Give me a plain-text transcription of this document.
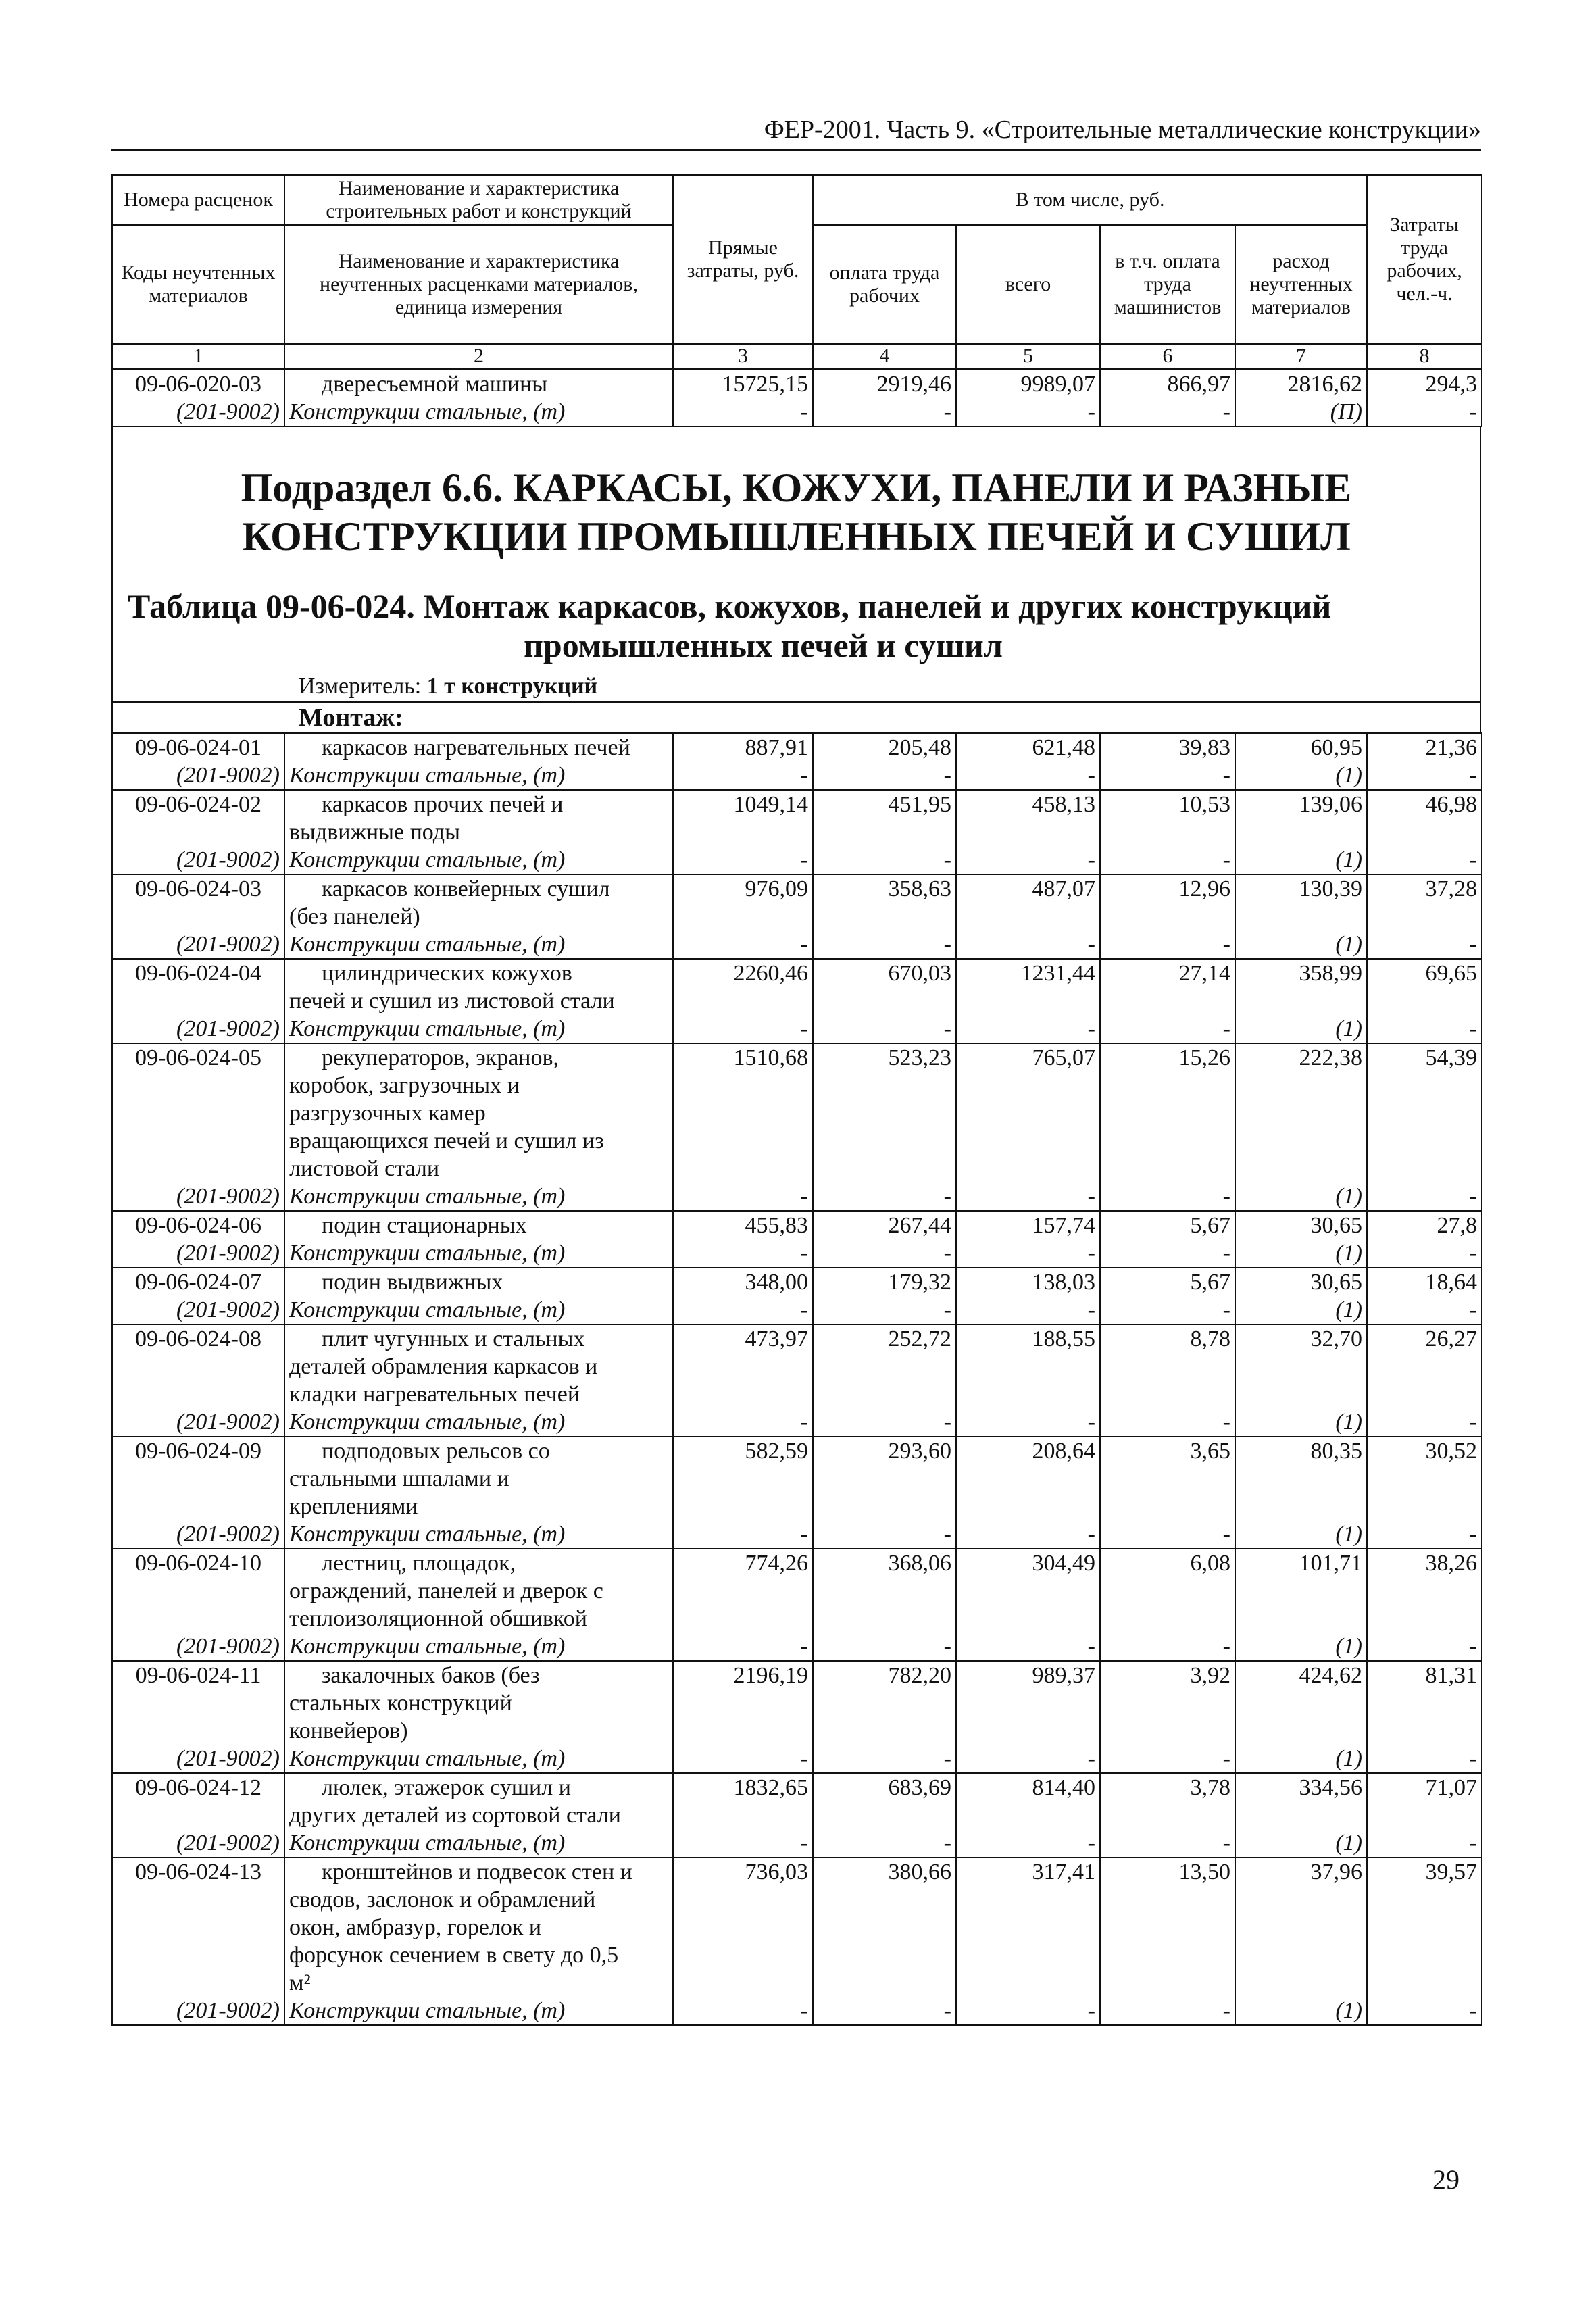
ФЕР-2001. Часть 9. «Строительные металлические конструкции»
Номера расценок	Наименование и характеристика строительных работ и конструкций	Прямые затраты, руб.	В том числе, руб.				Затраты труда рабочих, чел.-ч.

Коды неучтенных материалов	Наименование и характеристика неучтенных расценками материалов, единица измерения		оплата труда рабочих	всего	в т.ч. оплата труда машинистов	расход неучтенных материалов	
1	2	3	4	5	6	7	8
09-06-020-03	двересъемной машины	15725,15	2919,46	9989,07	866,97	2816,62	294,3
(201-9002)	Конструкции стальные, (т)	-	-	-	-	(П)	-
Подраздел 6.6. КАРКАСЫ, КОЖУХИ, ПАНЕЛИ И РАЗНЫЕ
КОНСТРУКЦИИ ПРОМЫШЛЕННЫХ ПЕЧЕЙ И СУШИЛ
Таблица 09-06-024. Монтаж каркасов, кожухов, панелей и других конструкций
промышленных печей и сушил
Измеритель: 1 т конструкций
Монтаж:
09-06-024-01	каркасов нагревательных печей	887,91	205,48	621,48	39,83	60,95	21,36
(201-9002)	Конструкции стальные, (т)	-	-	-	-	(1)	-
09-06-024-02	каркасов прочих печей и
выдвижные поды	1049,14	451,95	458,13	10,53	139,06	46,98
(201-9002)	Конструкции стальные, (т)	-	-	-	-	(1)	-
09-06-024-03	каркасов конвейерных сушил
(без панелей)	976,09	358,63	487,07	12,96	130,39	37,28
(201-9002)	Конструкции стальные, (т)	-	-	-	-	(1)	-
09-06-024-04	цилиндрических кожухов
печей и сушил из листовой стали	2260,46	670,03	1231,44	27,14	358,99	69,65
(201-9002)	Конструкции стальные, (т)	-	-	-	-	(1)	-
09-06-024-05	рекуператоров, экранов,
коробок, загрузочных и
разгрузочных камер
вращающихся печей и сушил из
листовой стали	1510,68	523,23	765,07	15,26	222,38	54,39
(201-9002)	Конструкции стальные, (т)	-	-	-	-	(1)	-
09-06-024-06	подин стационарных	455,83	267,44	157,74	5,67	30,65	27,8
(201-9002)	Конструкции стальные, (т)	-	-	-	-	(1)	-
09-06-024-07	подин выдвижных	348,00	179,32	138,03	5,67	30,65	18,64
(201-9002)	Конструкции стальные, (т)	-	-	-	-	(1)	-
09-06-024-08	плит чугунных и стальных
деталей обрамления каркасов и
кладки нагревательных печей	473,97	252,72	188,55	8,78	32,70	26,27
(201-9002)	Конструкции стальные, (т)	-	-	-	-	(1)	-
09-06-024-09	подподовых рельсов со
стальными шпалами и
креплениями	582,59	293,60	208,64	3,65	80,35	30,52
(201-9002)	Конструкции стальные, (т)	-	-	-	-	(1)	-
09-06-024-10	лестниц, площадок,
ограждений, панелей и дверок с
теплоизоляционной обшивкой	774,26	368,06	304,49	6,08	101,71	38,26
(201-9002)	Конструкции стальные, (т)	-	-	-	-	(1)	-
09-06-024-11	закалочных баков (без
стальных конструкций
конвейеров)	2196,19	782,20	989,37	3,92	424,62	81,31
(201-9002)	Конструкции стальные, (т)	-	-	-	-	(1)	-
09-06-024-12	люлек, этажерок сушил и
других деталей из сортовой стали	1832,65	683,69	814,40	3,78	334,56	71,07
(201-9002)	Конструкции стальные, (т)	-	-	-	-	(1)	-
09-06-024-13	кронштейнов и подвесок стен и
сводов, заслонок и обрамлений
окон, амбразур, горелок и
форсунок сечением в свету до 0,5
м²	736,03	380,66	317,41	13,50	37,96	39,57
(201-9002)	Конструкции стальные, (т)	-	-	-	-	(1)	-
29
